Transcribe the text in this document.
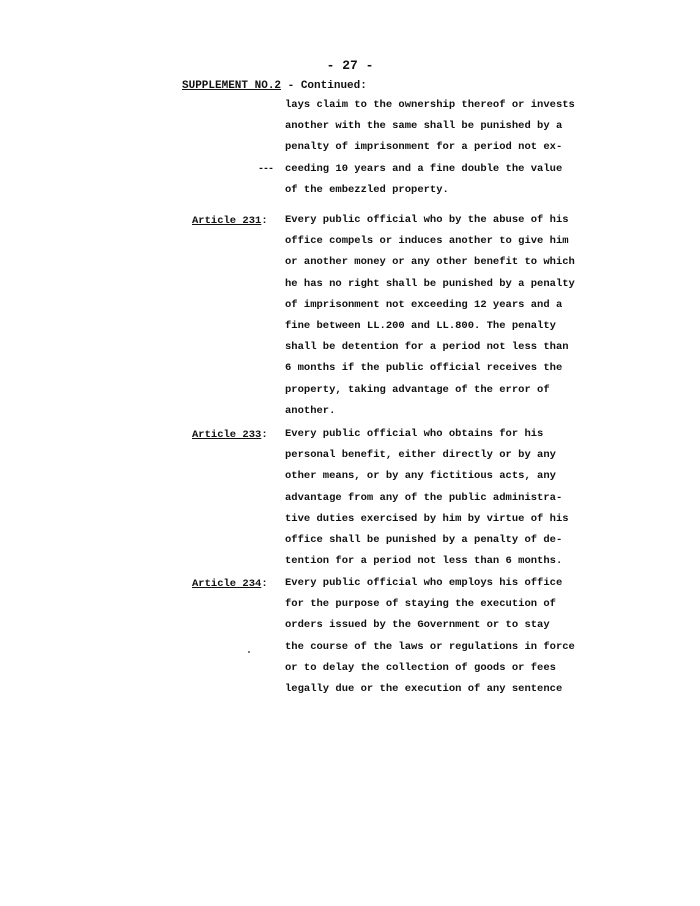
- 27 -
SUPPLEMENT NO.2 - Continued:
---
lays claim to the ownership thereof or invests
another with the same shall be punished by a
penalty of imprisonment for a period not ex-
ceeding 10 years and a fine double the value
of the embezzled property.
Article 231: Every public official who by the abuse of his
office compels or induces another to give him
or another money or any other benefit to which
he has no right shall be punished by a penalty
of imprisonment not exceeding 12 years and a
fine between LL.200 and LL.800. The penalty
shall be detention for a period not less than
6 months if the public official receives the
property, taking advantage of the error of
another.
Article 233: Every public official who obtains for his
personal benefit, either directly or by any
other means, or by any fictitious acts, any
advantage from any of the public administra-
tive duties exercised by him by virtue of his
office shall be punished by a penalty of de-
tention for a period not less than 6 months.
Article 234: Every public official who employs his office
for the purpose of staying the execution of
orders issued by the Government or to stay
the course of the laws or regulations in force
or to delay the collection of goods or fees
legally due or the execution of any sentence
